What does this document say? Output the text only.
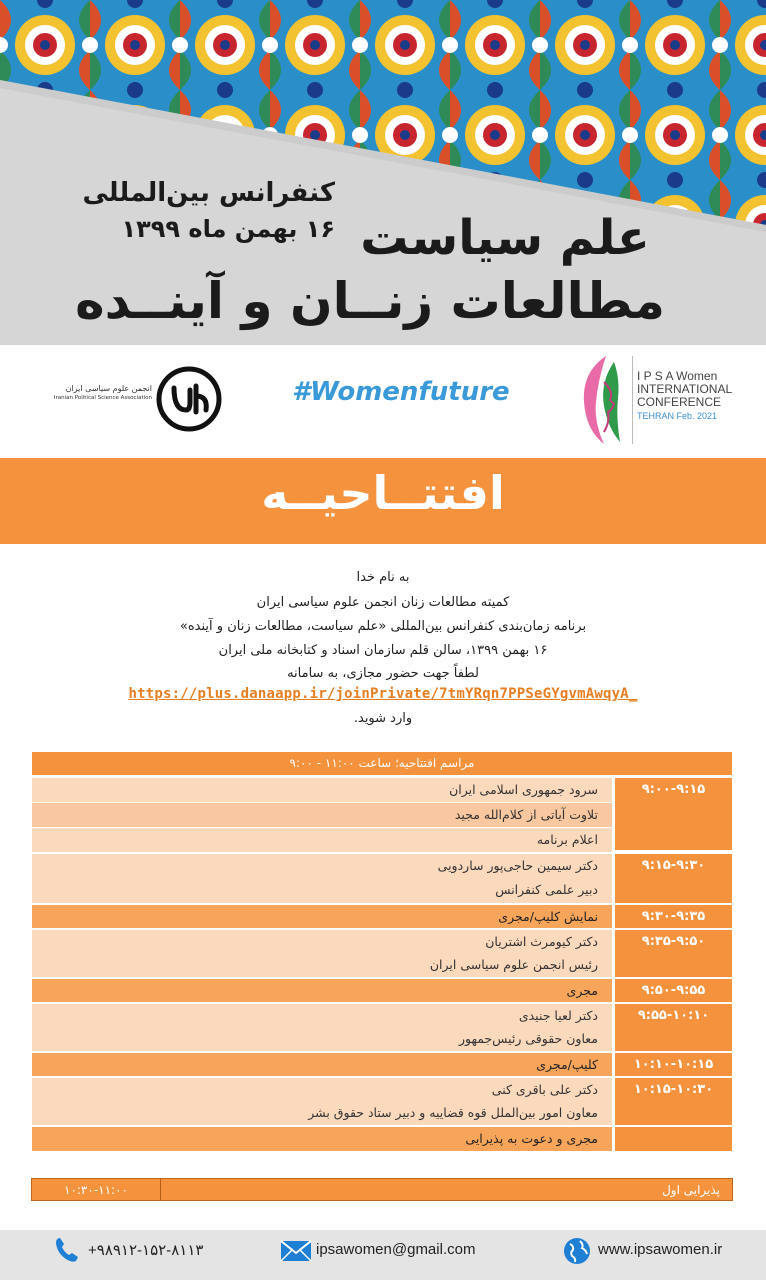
کنفرانس بین‌المللی
۱۶ بهمن ماه ۱۳۹۹ علم سیاست
مطالعات زنــان و آینــده
انجمن علوم سیاسی ایران
Iranian Political Science Association	#Womenfuture
I P S A Women
INTERNATIONAL
CONFERENCE
TEHRAN Feb. 2021
افتتــاحیــه
به نام خدا
کمیته مطالعات زنان انجمن علوم سیاسی ایران
برنامه زمان‌بندی کنفرانس بین‌المللی «علم سیاست، مطالعات زنان و آینده»
۱۶ بهمن ۱۳۹۹، سالن قلم سازمان اسناد و کتابخانه ملی ایران
لطفاً جهت حضور مجازی، به سامانه
https://plus.danaapp.ir/joinPrivate/7tmYRqn7PPSeGYgvmAwqyA_
وارد شوید.
مراسم افتتاحیه؛ ساعت ۱۱:۰۰ - ۹:۰۰
۹:۰۰-۹:۱۵
سرود جمهوری اسلامی ایران
تلاوت آیاتی از کلام‌الله مجید
اعلام برنامه
۹:۱۵-۹:۳۰
دکتر سیمین حاجی‌پور ساردویی
دبیر علمی کنفرانس
۹:۳۰-۹:۳۵
نمایش کلیپ/مجری
۹:۳۵-۹:۵۰
دکتر کیومرث اشتریان
رئیس انجمن علوم سیاسی ایران
۹:۵۰-۹:۵۵
مجری
۹:۵۵-۱۰:۱۰
دکتر لعیا جنیدی
معاون حقوقی رئیس‌جمهور
۱۰:۱۰-۱۰:۱۵
کلیپ/مجری
۱۰:۱۵-۱۰:۳۰
دکتر علی باقری کنی
معاون امور بین‌الملل قوه قضاییه و دبیر ستاد حقوق بشر
مجری و دعوت به پذیرایی
پذیرایی اول
۱۰:۳۰-۱۱:۰۰
+۹۸۹۱۲-۱۵۲-۸۱۱۳	ipsawomen@gmail.com	www.ipsawomen.ir
